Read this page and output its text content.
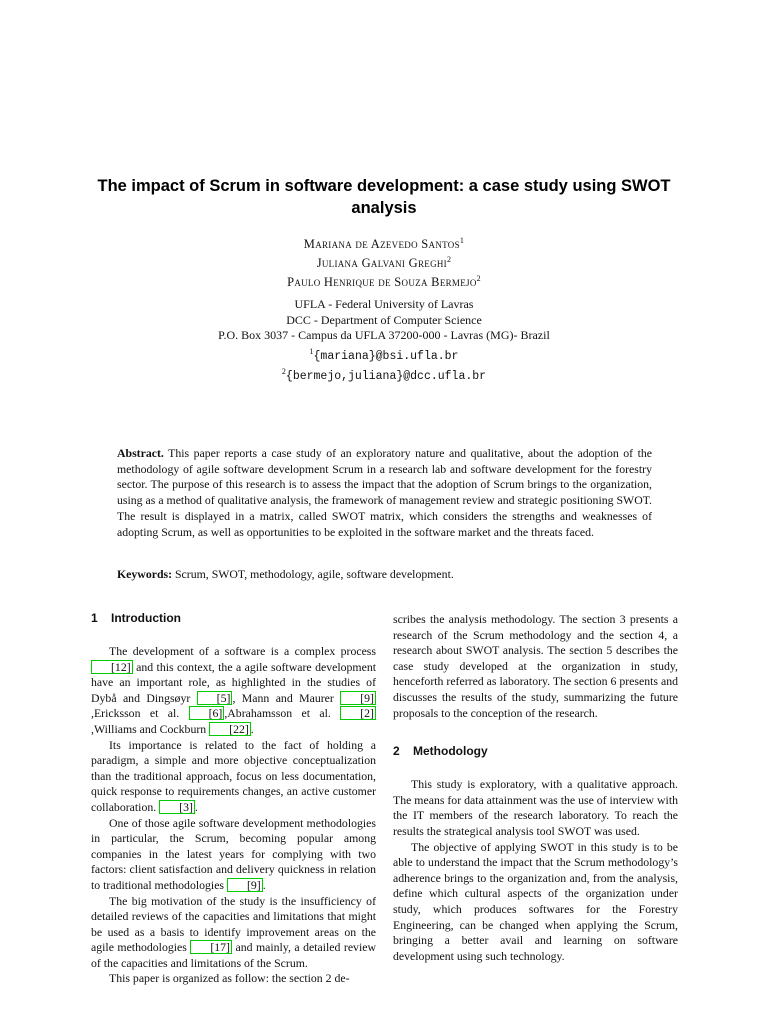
The impact of Scrum in software development: a case study using SWOT analysis
Mariana de Azevedo Santos$^1$
Juliana Galvani Greghi$^2$
Paulo Henrique de Souza Bermejo$^2$
UFLA - Federal University of Lavras
DCC - Department of Computer Science
P.O. Box 3037 - Campus da UFLA 37200-000 - Lavras (MG)- Brazil
$^1${mariana}@bsi.ufla.br
$^2${bermejo,juliana}@dcc.ufla.br
Abstract. This paper reports a case study of an exploratory nature and qualitative, about the adoption of the methodology of agile software development Scrum in a research lab and software development for the forestry sector. The purpose of this research is to assess the impact that the adoption of Scrum brings to the organization, using as a method of qualitative analysis, the framework of management review and strategic positioning SWOT. The result is displayed in a matrix, called SWOT matrix, which considers the strengths and weaknesses of adopting Scrum, as well as opportunities to be exploited in the software market and the threats faced.
Keywords: Scrum, SWOT, methodology, agile, software development.
1 Introduction

The development of a software is a complex process [12] and this context, the a agile software development have an important role, as highlighted in the studies of Dybå and Dingsøyr [5] , Mann and Maurer [9],Ericksson et al. [6] ,Abrahamsson et al. [2],Williams and Cockburn [22] .

Its importance is related to the fact of holding a paradigm, a simple and more objective conceptualization than the traditional approach, focus on less documentation, quick response to requirements changes, an active customer collaboration. [3] .

One of those agile software development methodologies in particular, the Scrum, becoming popular among companies in the latest years for complying with two factors: client satisfaction and delivery quickness in relation to traditional methodologies [9] .

The big motivation of the study is the insufficiency of detailed reviews of the capacities and limitations that might be used as a basis to identify improvement areas on the agile methodologies [17] and mainly, a detailed review of the capacities and limitations of the Scrum.

This paper is organized as follow: the section 2 de-

scribes the analysis methodology. The section 3 presents a research of the Scrum methodology and the section 4, a research about SWOT analysis. The section 5 describes the case study developed at the organization in study, henceforth referred as laboratory. The section 6 presents and discusses the results of the study, summarizing the future proposals to the conception of the research.

2 Methodology

This study is exploratory, with a qualitative approach. The means for data attainment was the use of interview with the IT members of the research laboratory. To reach the results the strategical analysis tool SWOT was used.

The objective of applying SWOT in this study is to be able to understand the impact that the Scrum methodology’s adherence brings to the organization and, from the analysis, define which cultural aspects of the organization under study, which produces softwares for the Forestry Engineering, can be changed when applying the Scrum, bringing a better avail and learning on software development using such technology.
